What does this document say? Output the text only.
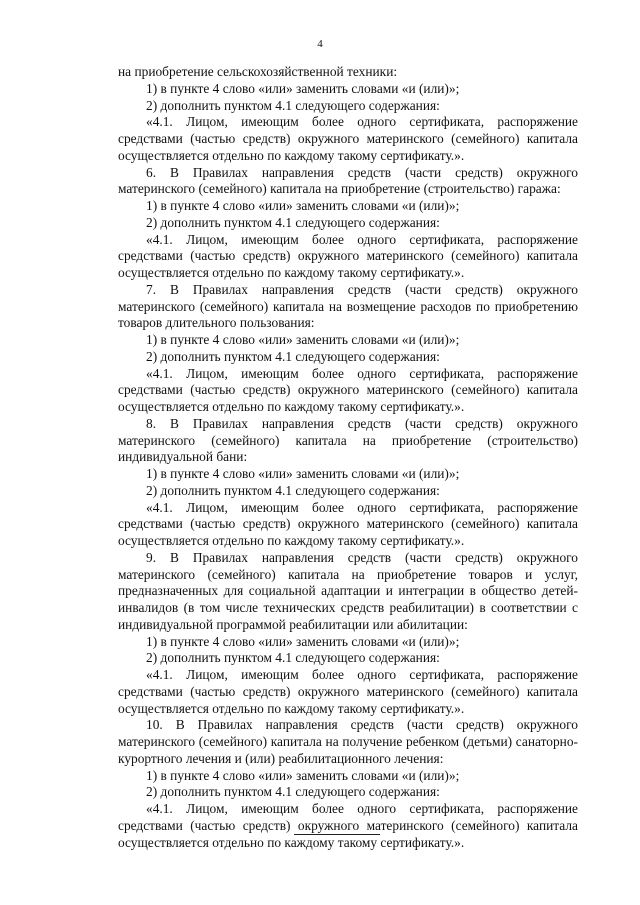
4

на приобретение сельскохозяйственной техники:

1) в пункте 4 слово «или» заменить словами «и (или)»;

2) дополнить пунктом 4.1 следующего содержания:

«4.1. Лицом, имеющим более одного сертификата, распоряжение средствами (частью средств) окружного материнского (семейного) капитала осуществляется отдельно по каждому такому сертификату.».

6. В Правилах направления средств (части средств) окружного материнского (семейного) капитала на приобретение (строительство) гаража:

1) в пункте 4 слово «или» заменить словами «и (или)»;

2) дополнить пунктом 4.1 следующего содержания:

«4.1. Лицом, имеющим более одного сертификата, распоряжение средствами (частью средств) окружного материнского (семейного) капитала осуществляется отдельно по каждому такому сертификату.».

7. В Правилах направления средств (части средств) окружного материнского (семейного) капитала на возмещение расходов по приобретению товаров длительного пользования:

1) в пункте 4 слово «или» заменить словами «и (или)»;

2) дополнить пунктом 4.1 следующего содержания:

«4.1. Лицом, имеющим более одного сертификата, распоряжение средствами (частью средств) окружного материнского (семейного) капитала осуществляется отдельно по каждому такому сертификату.».

8. В Правилах направления средств (части средств) окружного материнского (семейного) капитала на приобретение (строительство) индивидуальной бани:

1) в пункте 4 слово «или» заменить словами «и (или)»;

2) дополнить пунктом 4.1 следующего содержания:

«4.1. Лицом, имеющим более одного сертификата, распоряжение средствами (частью средств) окружного материнского (семейного) капитала осуществляется отдельно по каждому такому сертификату.».

9. В Правилах направления средств (части средств) окружного материнского (семейного) капитала на приобретение товаров и услуг, предназначенных для социальной адаптации и интеграции в общество детей-инвалидов (в том числе технических средств реабилитации) в соответствии с индивидуальной программой реабилитации или абилитации:

1) в пункте 4 слово «или» заменить словами «и (или)»;

2) дополнить пунктом 4.1 следующего содержания:

«4.1. Лицом, имеющим более одного сертификата, распоряжение средствами (частью средств) окружного материнского (семейного) капитала осуществляется отдельно по каждому такому сертификату.».

10. В Правилах направления средств (части средств) окружного материнского (семейного) капитала на получение ребенком (детьми) санаторно-курортного лечения и (или) реабилитационного лечения:

1) в пункте 4 слово «или» заменить словами «и (или)»;

2) дополнить пунктом 4.1 следующего содержания:

«4.1. Лицом, имеющим более одного сертификата, распоряжение средствами (частью средств) окружного материнского (семейного) капитала осуществляется отдельно по каждому такому сертификату.».
